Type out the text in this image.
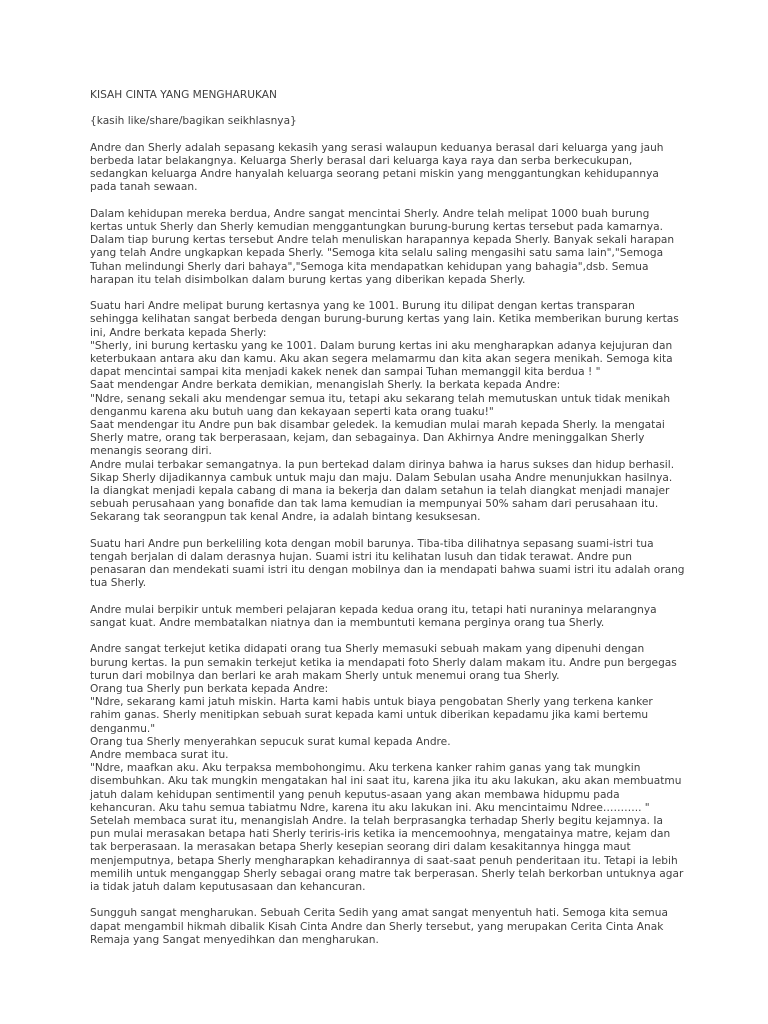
KISAH CINTA YANG MENGHARUKAN

{kasih like/share/bagikan seikhlasnya}

Andre dan Sherly adalah sepasang kekasih yang serasi walaupun keduanya berasal dari keluarga yang jauh berbeda latar belakangnya. Keluarga Sherly berasal dari keluarga kaya raya dan serba berkecukupan, sedangkan keluarga Andre hanyalah keluarga seorang petani miskin yang menggantungkan kehidupannya pada tanah sewaan.

Dalam kehidupan mereka berdua, Andre sangat mencintai Sherly. Andre telah melipat 1000 buah burung kertas untuk Sherly dan Sherly kemudian menggantungkan burung-burung kertas tersebut pada kamarnya. Dalam tiap burung kertas tersebut Andre telah menuliskan harapannya kepada Sherly. Banyak sekali harapan yang telah Andre ungkapkan kepada Sherly. "Semoga kita selalu saling mengasihi satu sama lain","Semoga Tuhan melindungi Sherly dari bahaya","Semoga kita mendapatkan kehidupan yang bahagia",dsb. Semua harapan itu telah disimbolkan dalam burung kertas yang diberikan kepada Sherly.

Suatu hari Andre melipat burung kertasnya yang ke 1001. Burung itu dilipat dengan kertas transparan sehingga kelihatan sangat berbeda dengan burung-burung kertas yang lain. Ketika memberikan burung kertas ini, Andre berkata kepada Sherly:
"Sherly, ini burung kertasku yang ke 1001. Dalam burung kertas ini aku mengharapkan adanya kejujuran dan keterbukaan antara aku dan kamu. Aku akan segera melamarmu dan kita akan segera menikah. Semoga kita dapat mencintai sampai kita menjadi kakek nenek dan sampai Tuhan memanggil kita berdua ! "
Saat mendengar Andre berkata demikian, menangislah Sherly. Ia berkata kepada Andre:
"Ndre, senang sekali aku mendengar semua itu, tetapi aku sekarang telah memutuskan untuk tidak menikah denganmu karena aku butuh uang dan kekayaan seperti kata orang tuaku!"
Saat mendengar itu Andre pun bak disambar geledek. Ia kemudian mulai marah kepada Sherly. Ia mengatai Sherly matre, orang tak berperasaan, kejam, dan sebagainya. Dan Akhirnya Andre meninggalkan Sherly menangis seorang diri.
Andre mulai terbakar semangatnya. Ia pun bertekad dalam dirinya bahwa ia harus sukses dan hidup berhasil. Sikap Sherly dijadikannya cambuk untuk maju dan maju. Dalam Sebulan usaha Andre menunjukkan hasilnya. Ia diangkat menjadi kepala cabang di mana ia bekerja dan dalam setahun ia telah diangkat menjadi manajer sebuah perusahaan yang bonafide dan tak lama kemudian ia mempunyai 50% saham dari perusahaan itu. Sekarang tak seorangpun tak kenal Andre, ia adalah bintang kesuksesan.

Suatu hari Andre pun berkeliling kota dengan mobil barunya. Tiba-tiba dilihatnya sepasang suami-istri tua tengah berjalan di dalam derasnya hujan. Suami istri itu kelihatan lusuh dan tidak terawat. Andre pun penasaran dan mendekati suami istri itu dengan mobilnya dan ia mendapati bahwa suami istri itu adalah orang tua Sherly.

Andre mulai berpikir untuk memberi pelajaran kepada kedua orang itu, tetapi hati nuraninya melarangnya sangat kuat. Andre membatalkan niatnya dan ia membuntuti kemana perginya orang tua Sherly.

Andre sangat terkejut ketika didapati orang tua Sherly memasuki sebuah makam yang dipenuhi dengan burung kertas. Ia pun semakin terkejut ketika ia mendapati foto Sherly dalam makam itu. Andre pun bergegas turun dari mobilnya dan berlari ke arah makam Sherly untuk menemui orang tua Sherly.
Orang tua Sherly pun berkata kepada Andre:
"Ndre, sekarang kami jatuh miskin. Harta kami habis untuk biaya pengobatan Sherly yang terkena kanker rahim ganas. Sherly menitipkan sebuah surat kepada kami untuk diberikan kepadamu jika kami bertemu denganmu."
Orang tua Sherly menyerahkan sepucuk surat kumal kepada Andre.
Andre membaca surat itu.
"Ndre, maafkan aku. Aku terpaksa membohongimu. Aku terkena kanker rahim ganas yang tak mungkin disembuhkan. Aku tak mungkin mengatakan hal ini saat itu, karena jika itu aku lakukan, aku akan membuatmu jatuh dalam kehidupan sentimentil yang penuh keputus-asaan yang akan membawa hidupmu pada kehancuran. Aku tahu semua tabiatmu Ndre, karena itu aku lakukan ini. Aku mencintaimu Ndree……….. "
Setelah membaca surat itu, menangislah Andre. Ia telah berprasangka terhadap Sherly begitu kejamnya. Ia pun mulai merasakan betapa hati Sherly teriris-iris ketika ia mencemoohnya, mengatainya matre, kejam dan tak berperasaan. Ia merasakan betapa Sherly kesepian seorang diri dalam kesakitannya hingga maut menjemputnya, betapa Sherly mengharapkan kehadirannya di saat-saat penuh penderitaan itu. Tetapi ia lebih memilih untuk menganggap Sherly sebagai orang matre tak berperasan. Sherly telah berkorban untuknya agar ia tidak jatuh dalam keputusasaan dan kehancuran.

Sungguh sangat mengharukan. Sebuah Cerita Sedih yang amat sangat menyentuh hati. Semoga kita semua dapat mengambil hikmah dibalik Kisah Cinta Andre dan Sherly tersebut, yang merupakan Cerita Cinta Anak Remaja yang Sangat menyedihkan dan mengharukan.
